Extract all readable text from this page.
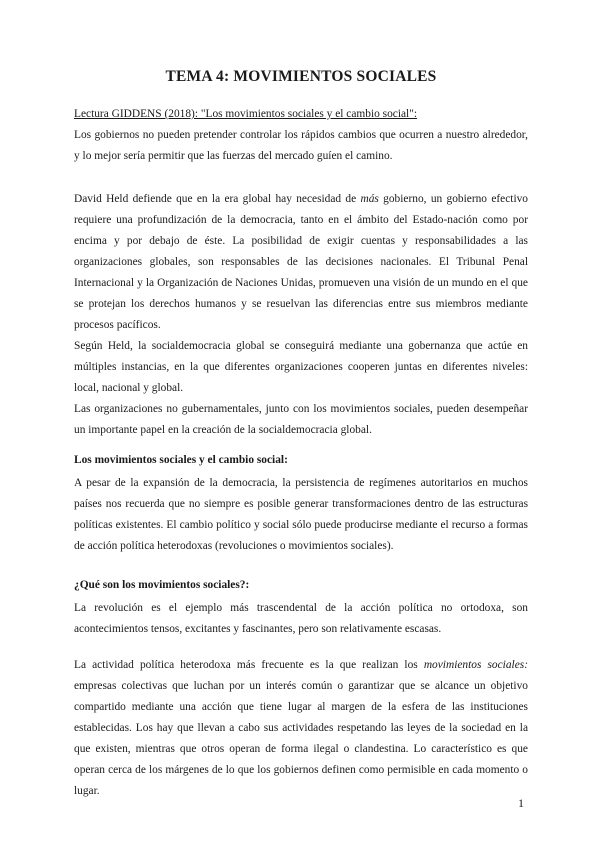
TEMA 4: MOVIMIENTOS SOCIALES

Lectura GIDDENS (2018): "Los movimientos sociales y el cambio social":

Los gobiernos no pueden pretender controlar los rápidos cambios que ocurren a nuestro alrededor, y lo mejor sería permitir que las fuerzas del mercado guíen el camino.

David Held defiende que en la era global hay necesidad de más gobierno, un gobierno efectivo requiere una profundización de la democracia, tanto en el ámbito del Estado-nación como por encima y por debajo de éste. La posibilidad de exigir cuentas y responsabilidades a las organizaciones globales, son responsables de las decisiones nacionales. El Tribunal Penal Internacional y la Organización de Naciones Unidas, promueven una visión de un mundo en el que se protejan los derechos humanos y se resuelvan las diferencias entre sus miembros mediante procesos pacíficos.

Según Held, la socialdemocracia global se conseguirá mediante una gobernanza que actúe en múltiples instancias, en la que diferentes organizaciones cooperen juntas en diferentes niveles: local, nacional y global.

Las organizaciones no gubernamentales, junto con los movimientos sociales, pueden desempeñar un importante papel en la creación de la socialdemocracia global.

Los movimientos sociales y el cambio social:

A pesar de la expansión de la democracia, la persistencia de regímenes autoritarios en muchos países nos recuerda que no siempre es posible generar transformaciones dentro de las estructuras políticas existentes. El cambio político y social sólo puede producirse mediante el recurso a formas de acción política heterodoxas (revoluciones o movimientos sociales).

¿Qué son los movimientos sociales?:

La revolución es el ejemplo más trascendental de la acción política no ortodoxa, son acontecimientos tensos, excitantes y fascinantes, pero son relativamente escasas.

La actividad política heterodoxa más frecuente es la que realizan los movimientos sociales: empresas colectivas que luchan por un interés común o garantizar que se alcance un objetivo compartido mediante una acción que tiene lugar al margen de la esfera de las instituciones establecidas. Los hay que llevan a cabo sus actividades respetando las leyes de la sociedad en la que existen, mientras que otros operan de forma ilegal o clandestina. Lo característico es que operan cerca de los márgenes de lo que los gobiernos definen como permisible en cada momento o lugar.

1
